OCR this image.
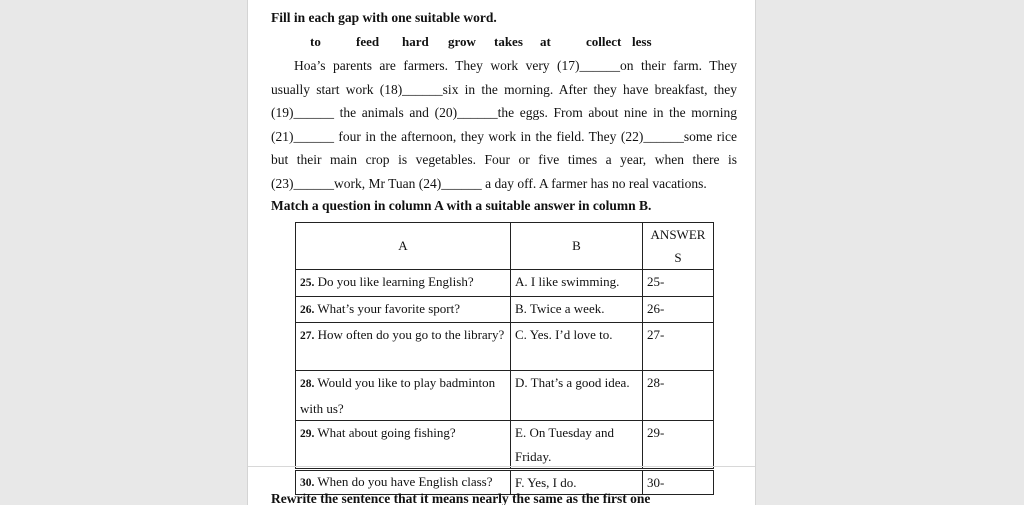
Fill in each gap with one suitable word.
to	feed hard grow takes at	collect less

Hoa’s parents are farmers. They work very (17)______on their farm. They usually start work (18)______six in the morning. After they have breakfast, they (19)______ the animals and (20)______the eggs. From about nine in the morning (21)______ four in the afternoon, they work in the field. They (22)______some rice but their main crop is vegetables. Four or five times a year, when there is (23)______work, Mr Tuan (24)______ a day off. A farmer has no real vacations.

Match a question in column A with a suitable answer in column B.
A	B	ANSWERS
25. Do you like learning English?	A. I like swimming.	25-
26. What’s your favorite sport?	B. Twice a week.	26-
27. How often do you go to the library?	C. Yes. I’d love to.	27-
28. Would you like to play badminton with us?	D. That’s a good idea.	28-
29. What about going fishing?	E. On Tuesday and Friday.	29-
30. When do you have English class?	F. Yes, I do.	30-
Rewrite the sentence that it means nearly the same as the first one
